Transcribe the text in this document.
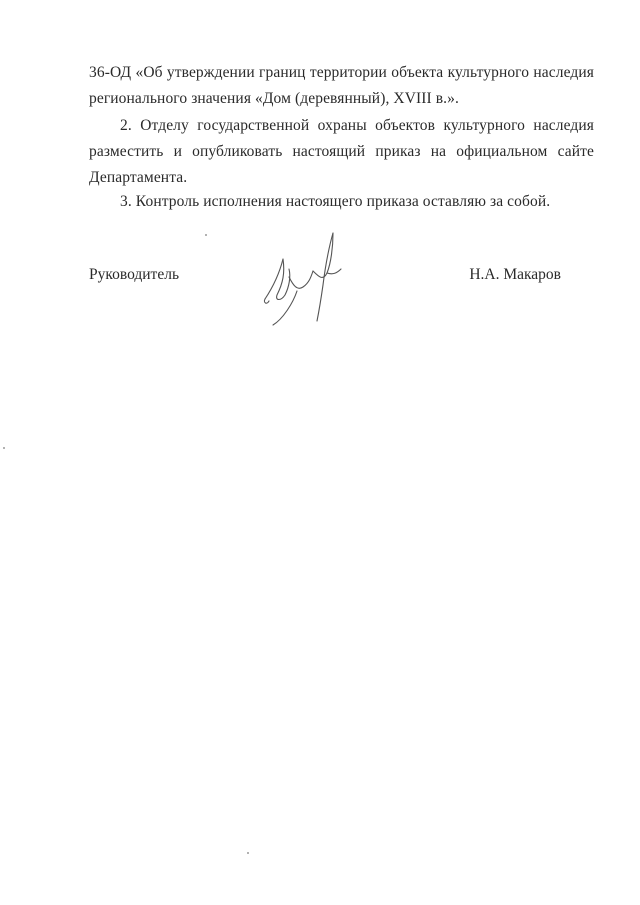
36-ОД «Об утверждении границ территории объекта культурного наследия
регионального значения «Дом (деревянный), XVIII в.».
2. Отделу государственной охраны объектов культурного наследия
разместить и опубликовать настоящий приказ на официальном сайте
Департамента.
3. Контроль исполнения настоящего приказа оставляю за собой.
Руководитель	Н.А. Макаров
